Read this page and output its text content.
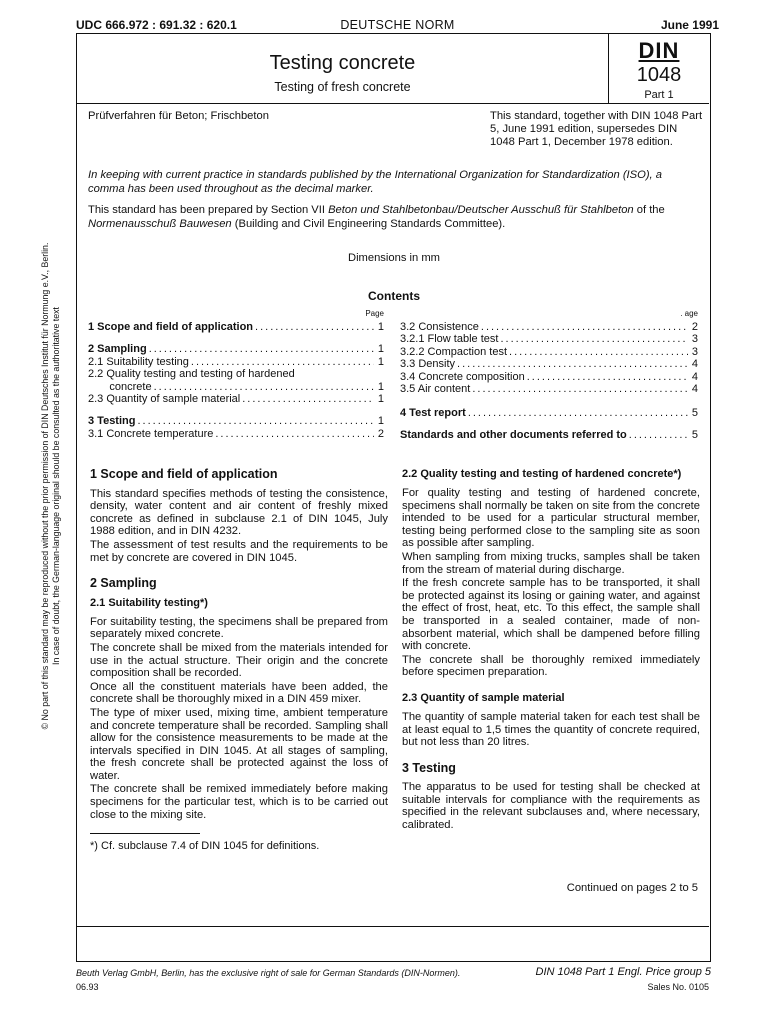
UDC 666.972 : 691.32 : 620.1	DEUTSCHE NORM	June 1991
© No part of this standard may be reproduced without the prior permission of DIN Deutsches Institut für Normung e.V., Berlin. In case of doubt, the German-language original should be consulted as the authoritative text
Testing concrete
Testing of fresh concrete
DIN
1048
Part 1
Prüfverfahren für Beton; Frischbeton	This standard, together with DIN 1048 Part 5, June 1991 edition, supersedes DIN 1048 Part 1, December 1978 edition.
In keeping with current practice in standards published by the International Organization for Standardization (ISO), a comma has been used throughout as the decimal marker.
This standard has been prepared by Section VII Beton und Stahlbetonbau/Deutscher Ausschuß für Stahlbeton of the Normenausschuß Bauwesen (Building and Civil Engineering Standards Committee).
Dimensions in mm
Contents
Page
1 Scope and field of application .....	1
2 Sampling .....	1
2.1 Suitability testing .....	1
2.2 Quality testing and testing of hardened
concrete .....	1
2.3 Quantity of sample material .....	1
3 Testing .....	1
3.1 Concrete temperature .....	2
. age
3.2 Consistence .....	2
3.2.1 Flow table test .....	3
3.2.2 Compaction test .....	3
3.3 Density .....	4
3.4 Concrete composition .....	4
3.5 Air content .....	4
4 Test report .....	5
Standards and other documents referred to .....	5
1 Scope and field of application

This standard specifies methods of testing the consistence, density, water content and air content of freshly mixed concrete as defined in subclause 2.1 of DIN 1045, July 1988 edition, and in DIN 4232.

The assessment of test results and the requirements to be met by concrete are covered in DIN 1045.

2 Sampling
2.1 Suitability testing*)

For suitability testing, the specimens shall be prepared from separately mixed concrete.

The concrete shall be mixed from the materials intended for use in the actual structure. Their origin and the concrete composition shall be recorded.

Once all the constituent materials have been added, the concrete shall be thoroughly mixed in a DIN 459 mixer.

The type of mixer used, mixing time, ambient temperature and concrete temperature shall be recorded. Sampling shall allow for the consistence measurements to be made at the intervals specified in DIN 1045. At all stages of sampling, the fresh concrete shall be protected against the loss of water.

The concrete shall be remixed immediately before making specimens for the particular test, which is to be carried out close to the mixing site.

*) Cf. subclause 7.4 of DIN 1045 for definitions.
2.2 Quality testing and testing of hardened concrete*)

For quality testing and testing of hardened concrete, specimens shall normally be taken on site from the concrete intended to be used for a particular structural member, testing being performed close to the sampling site as soon as possible after sampling.

When sampling from mixing trucks, samples shall be taken from the stream of material during discharge.

If the fresh concrete sample has to be transported, it shall be protected against its losing or gaining water, and against the effect of frost, heat, etc. To this effect, the sample shall be transported in a sealed container, made of non-absorbent material, which shall be dampened before filling with concrete.

The concrete shall be thoroughly remixed immediately before specimen preparation.

2.3 Quantity of sample material

The quantity of sample material taken for each test shall be at least equal to 1,5 times the quantity of concrete required, but not less than 20 litres.

3 Testing

The apparatus to be used for testing shall be checked at suitable intervals for compliance with the requirements as specified in the relevant subclauses and, where necessary, calibrated.

Continued on pages 2 to 5
Beuth Verlag GmbH, Berlin, has the exclusive right of sale for German Standards (DIN-Normen).	DIN 1048 Part 1 Engl. Price group 5
06.93	Sales No. 0105
